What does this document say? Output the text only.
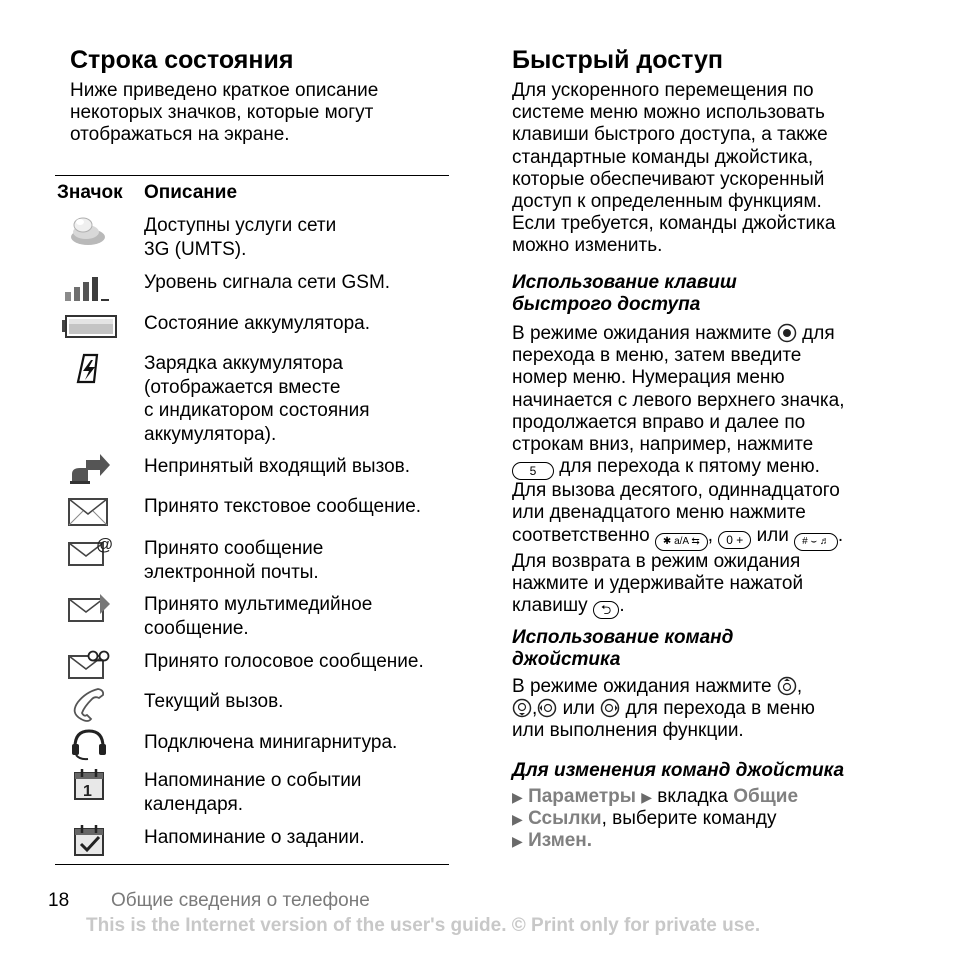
Строка состояния
Ниже приведено краткое описание
некоторых значков, которые могут
отображаться на экране.
Значок Описание
Доступны услуги сети
3G (UMTS).
Уровень сигнала сети GSM.
Состояние аккумулятора.
Зарядка аккумулятора
(отображается вместе
с индикатором состояния
аккумулятора).
Непринятый входящий вызов.
Принято текстовое сообщение.
@ Принято сообщение
электронной почты.
Принято мультимедийное
сообщение.
Принято голосовое сообщение.
Текущий вызов.
Подключена минигарнитура.
1
Напоминание о событии
календаря.
Напоминание о задании.
Быстрый доступ
Для ускоренного перемещения по
системе меню можно использовать
клавиши быстрого доступа, а также
стандартные команды джойстика,
которые обеспечивают ускоренный
доступ к определенным функциям.
Если требуется, команды джойстика
можно изменить.
Использование клавиш
быстрого доступа
В режиме ожидания нажмите для
перехода в меню, затем введите
номер меню. Нумерация меню
начинается с левого верхнего значка,
продолжается вправо и далее по
строкам вниз, например, нажмите
5 для перехода к пятому меню.
Для вызова десятого, одиннадцатого
или двенадцатого меню нажмите
соответственно ✱ a/A ⇆ , 0 + или # ⌣ ♬ .
Для возврата в режим ожидания
нажмите и удерживайте нажатой
клавишу ⮌ .
Использование команд
джойстика
В режиме ожидания нажмите ,
, или для перехода в меню
или выполнения функции.
Для изменения команд джойстика
▶ Параметры ▶ вкладка Общие
▶ Ссылки, выберите команду
▶ Измен.
18 Общие сведения о телефоне
This is the Internet version of the user's guide. © Print only for private use.
